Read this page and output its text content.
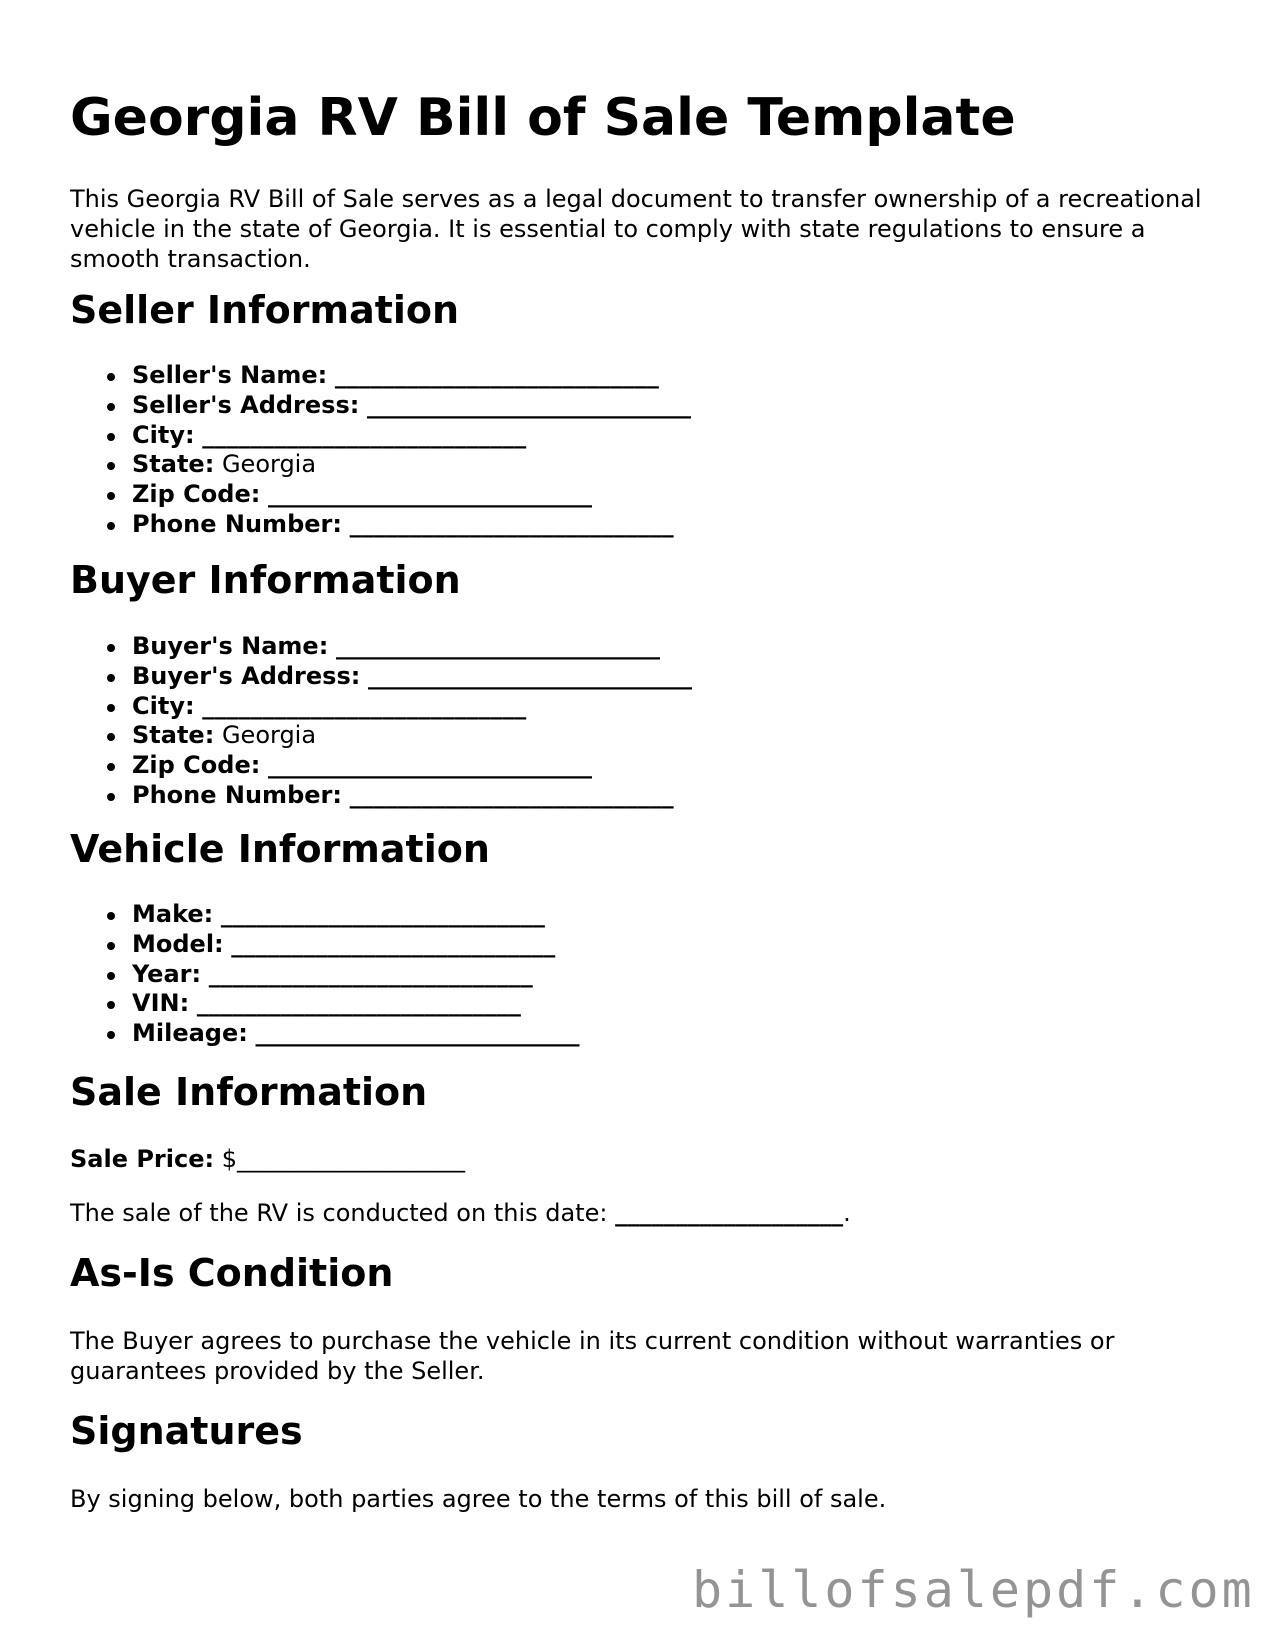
Georgia RV Bill of Sale Template

This Georgia RV Bill of Sale serves as a legal document to transfer ownership of a recreational vehicle in the state of Georgia. It is essential to comply with state regulations to ensure a smooth transaction.

Seller Information
Seller's Name: ___________________________
Seller's Address: ___________________________
City: ___________________________
State: Georgia
Zip Code: ___________________________
Phone Number: ___________________________
Buyer Information
Buyer's Name: ___________________________
Buyer's Address: ___________________________
City: ___________________________
State: Georgia
Zip Code: ___________________________
Phone Number: ___________________________
Vehicle Information
Make: ___________________________
Model: ___________________________
Year: ___________________________
VIN: ___________________________
Mileage: ___________________________
Sale Information

Sale Price: $___________________

The sale of the RV is conducted on this date: ___________________.

As-Is Condition

The Buyer agrees to purchase the vehicle in its current condition without warranties or guarantees provided by the Seller.

Signatures

By signing below, both parties agree to the terms of this bill of sale.

billofsalepdf.com
